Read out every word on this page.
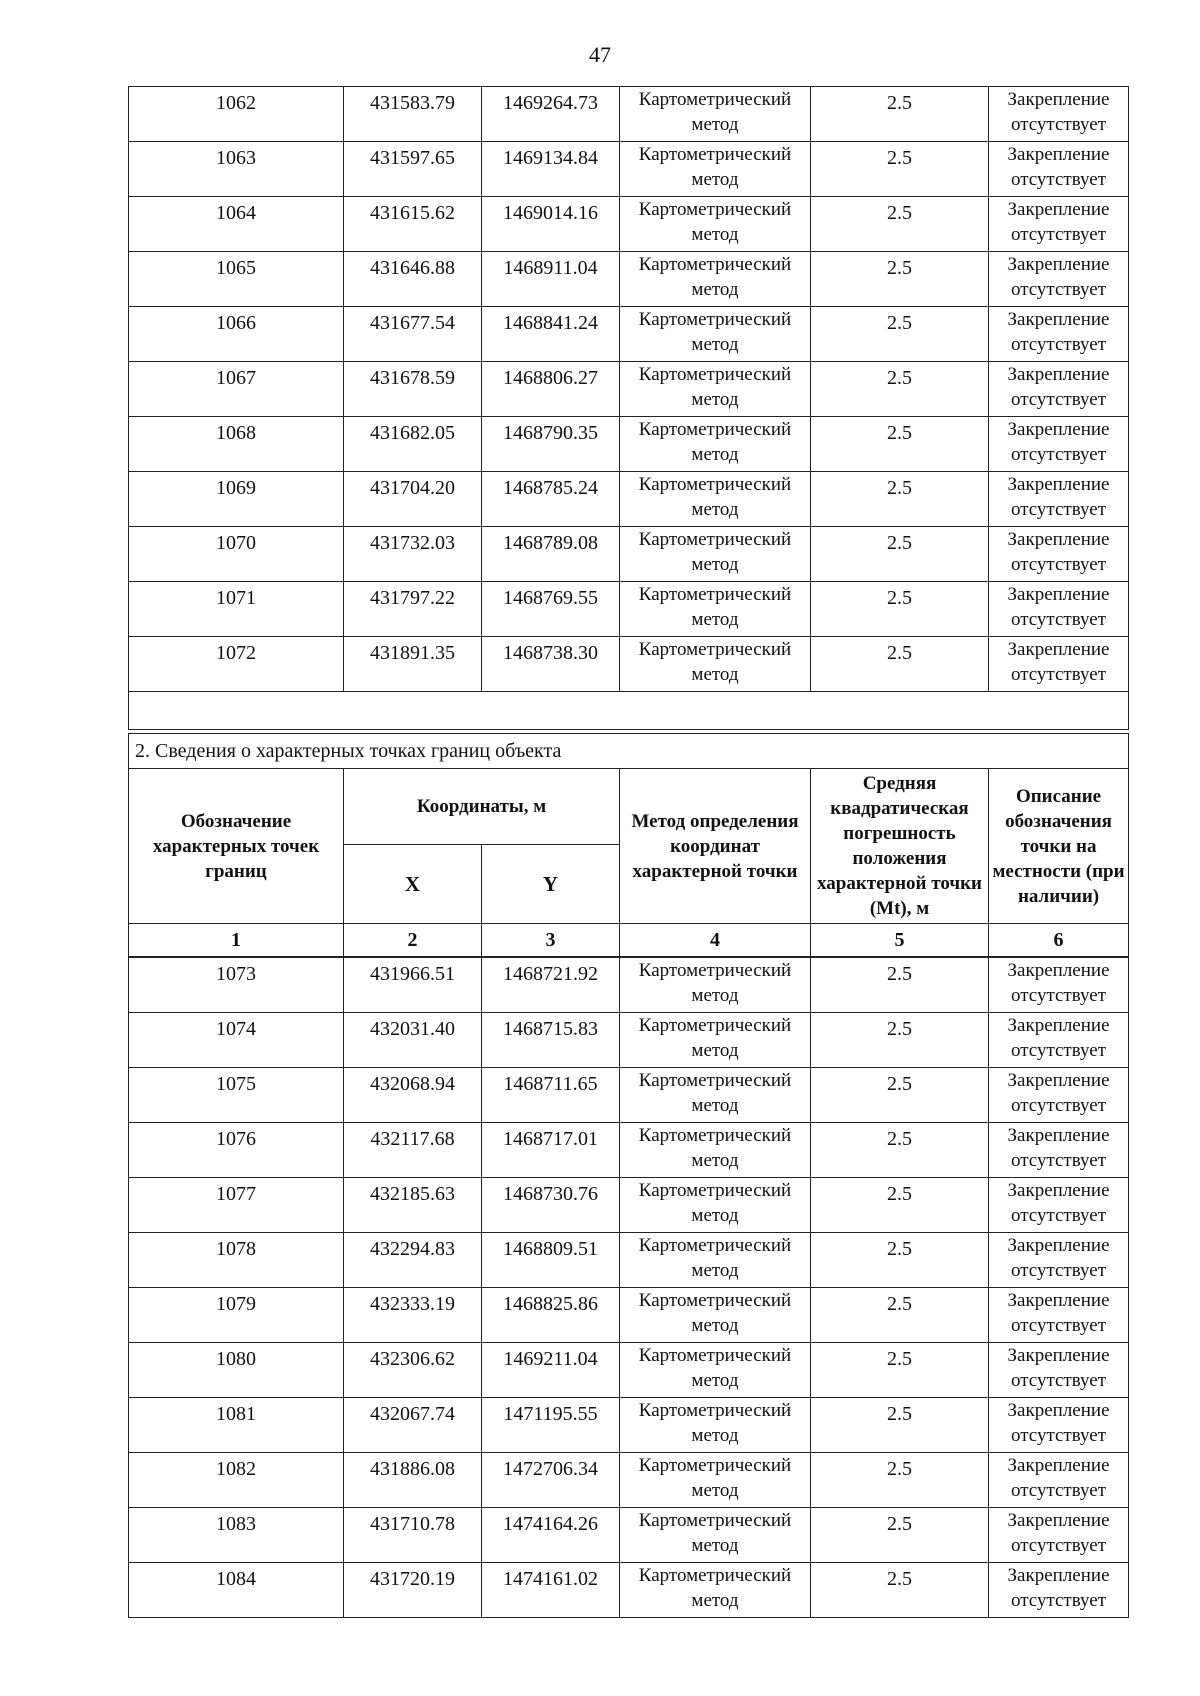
47
1062	431583.79	1469264.73	Картометрический метод	2.5	Закрепление отсутствует
1063	431597.65	1469134.84	Картометрический метод	2.5	Закрепление отсутствует
1064	431615.62	1469014.16	Картометрический метод	2.5	Закрепление отсутствует
1065	431646.88	1468911.04	Картометрический метод	2.5	Закрепление отсутствует
1066	431677.54	1468841.24	Картометрический метод	2.5	Закрепление отсутствует
1067	431678.59	1468806.27	Картометрический метод	2.5	Закрепление отсутствует
1068	431682.05	1468790.35	Картометрический метод	2.5	Закрепление отсутствует
1069	431704.20	1468785.24	Картометрический метод	2.5	Закрепление отсутствует
1070	431732.03	1468789.08	Картометрический метод	2.5	Закрепление отсутствует
1071	431797.22	1468769.55	Картометрический метод	2.5	Закрепление отсутствует
1072	431891.35	1468738.30	Картометрический метод	2.5	Закрепление отсутствует

2. Сведения о характерных точках границ объекта					
Обозначение характерных точек границ	Координаты, м		Метод определения координат характерной точки	Средняя квадратическая погрешность положения характерной точки (Mt), м	Описание обозначения точки на местности (при наличии)
	X	Y			
1	2	3	4	5	6
1073	431966.51	1468721.92	Картометрический метод	2.5	Закрепление отсутствует
1074	432031.40	1468715.83	Картометрический метод	2.5	Закрепление отсутствует
1075	432068.94	1468711.65	Картометрический метод	2.5	Закрепление отсутствует
1076	432117.68	1468717.01	Картометрический метод	2.5	Закрепление отсутствует
1077	432185.63	1468730.76	Картометрический метод	2.5	Закрепление отсутствует
1078	432294.83	1468809.51	Картометрический метод	2.5	Закрепление отсутствует
1079	432333.19	1468825.86	Картометрический метод	2.5	Закрепление отсутствует
1080	432306.62	1469211.04	Картометрический метод	2.5	Закрепление отсутствует
1081	432067.74	1471195.55	Картометрический метод	2.5	Закрепление отсутствует
1082	431886.08	1472706.34	Картометрический метод	2.5	Закрепление отсутствует
1083	431710.78	1474164.26	Картометрический метод	2.5	Закрепление отсутствует
1084	431720.19	1474161.02	Картометрический метод	2.5	Закрепление отсутствует
